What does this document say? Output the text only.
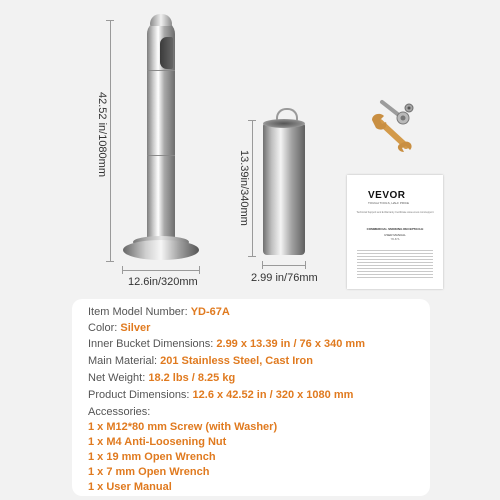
42.52 in/1080mm
12.6in/320mm
13.39in/340mm
2.99 in/76mm
VEVOR
TOUGH TOOLS, HALF PRICE
Technical Support and E-Warranty Certificate www.vevor.com/support
COMMERCIAL SMOKING RECEPTACLE
USER MANUAL
YD-67A
Item Model Number: YD-67A
Color: Silver
Inner Bucket Dimensions: 2.99 x 13.39 in / 76 x 340 mm
Main Material: 201 Stainless Steel, Cast Iron
Net Weight: 18.2 lbs / 8.25 kg
Product Dimensions: 12.6 x 42.52 in / 320 x 1080 mm
Accessories:
1 x M12*80 mm Screw (with Washer)
1 x M4 Anti-Loosening Nut
1 x 19 mm Open Wrench
1 x 7 mm Open Wrench
1 x User Manual
